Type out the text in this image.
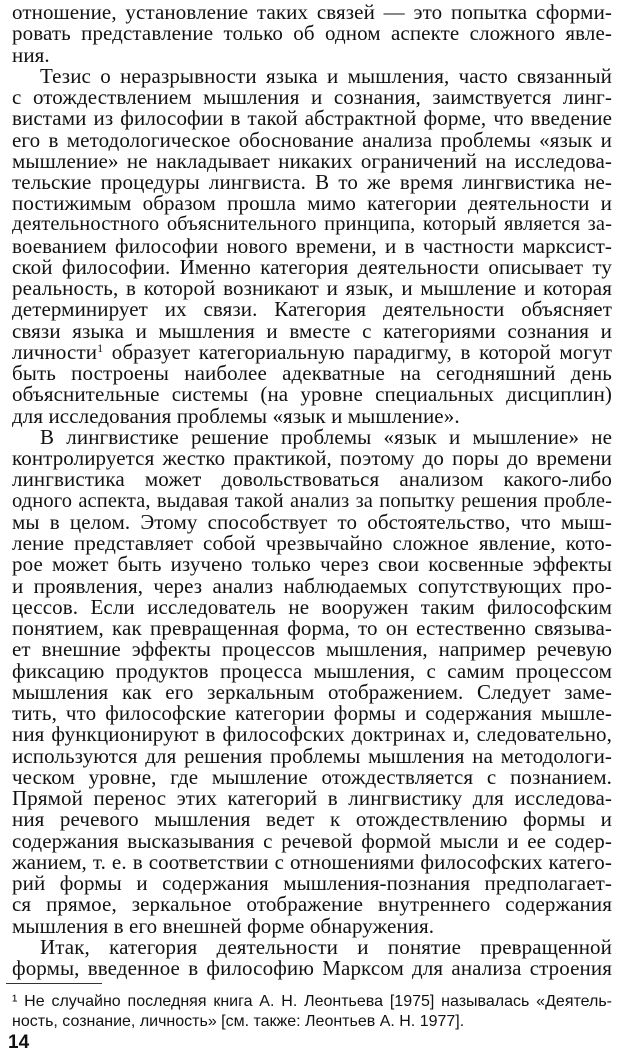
отношение, установление таких связей — это попытка сформи-
ровать представление только об одном аспекте сложного явле-
ния.
Тезис о неразрывности языка и мышления, часто связанный
с отождествлением мышления и сознания, заимствуется линг-
вистами из философии в такой абстрактной форме, что введение
его в методологическое обоснование анализа проблемы «язык и
мышление» не накладывает никаких ограничений на исследова-
тельские процедуры лингвиста. В то же время лингвистика не-
постижимым образом прошла мимо категории деятельности и
деятельностного объяснительного принципа, который является за-
воеванием философии нового времени, и в частности марксист-
ской философии. Именно категория деятельности описывает ту
реальность, в которой возникают и язык, и мышление и которая
детерминирует их связи. Категория деятельности объясняет
связи языка и мышления и вместе с категориями сознания и
личности$^1$ образует категориальную парадигму, в которой могут
быть построены наиболее адекватные на сегодняшний день
объяснительные системы (на уровне специальных дисциплин)
для исследования проблемы «язык и мышление».
В лингвистике решение проблемы «язык и мышление» не
контролируется жестко практикой, поэтому до поры до времени
лингвистика может довольствоваться анализом какого-либо
одного аспекта, выдавая такой анализ за попытку решения пробле-
мы в целом. Этому способствует то обстоятельство, что мыш-
ление представляет собой чрезвычайно сложное явление, кото-
рое может быть изучено только через свои косвенные эффекты
и проявления, через анализ наблюдаемых сопутствующих про-
цессов. Если исследователь не вооружен таким философским
понятием, как превращенная форма, то он естественно связыва-
ет внешние эффекты процессов мышления, например речевую
фиксацию продуктов процесса мышления, с самим процессом
мышления как его зеркальным отображением. Следует заме-
тить, что философские категории формы и содержания мышле-
ния функционируют в философских доктринах и, следовательно,
используются для решения проблемы мышления на методологи-
ческом уровне, где мышление отождествляется с познанием.
Прямой перенос этих категорий в лингвистику для исследова-
ния речевого мышления ведет к отождествлению формы и
содержания высказывания с речевой формой мысли и ее содер-
жанием, т. е. в соответствии с отношениями философских катего-
рий формы и содержания мышления-познания предполагает-
ся прямое, зеркальное отображение внутреннего содержания
мышления в его внешней форме обнаружения.
Итак, категория деятельности и понятие превращенной
формы, введенное в философию Марксом для анализа строения
¹ Не случайно последняя книга А. Н. Леонтьева [1975] называлась «Деятель-
ность, сознание, личность» [см. также: Леонтьев А. Н. 1977].
14
